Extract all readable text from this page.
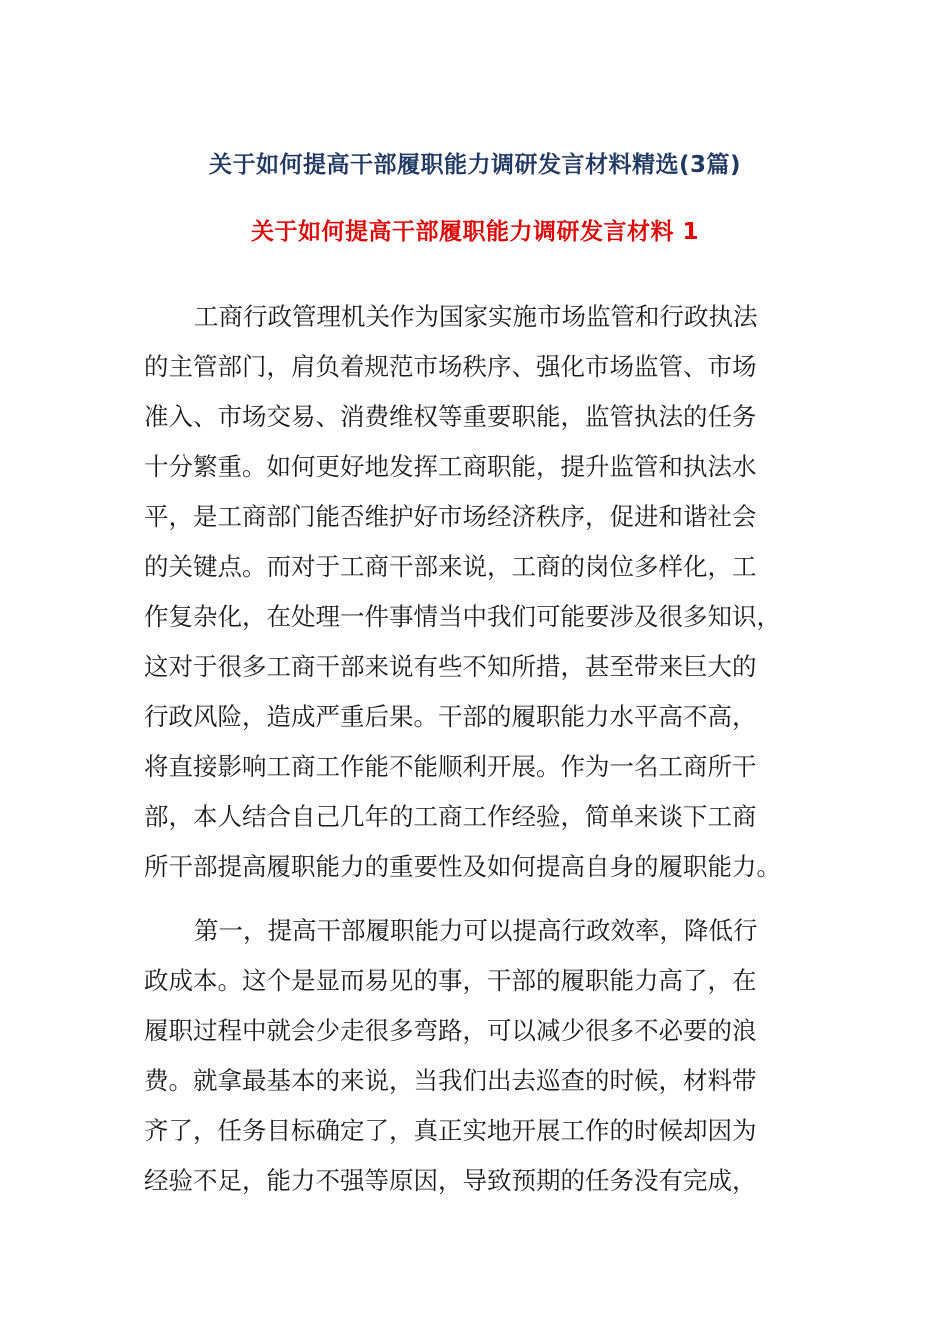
关于如何提高干部履职能力调研发言材料精选(3篇)
关于如何提高干部履职能力调研发言材料 1
工商行政管理机关作为国家实施市场监管和行政执法
的主管部门，肩负着规范市场秩序、强化市场监管、市场
准入、市场交易、消费维权等重要职能，监管执法的任务
十分繁重。如何更好地发挥工商职能，提升监管和执法水
平，是工商部门能否维护好市场经济秩序，促进和谐社会
的关键点。而对于工商干部来说，工商的岗位多样化，工
作复杂化，在处理一件事情当中我们可能要涉及很多知识，
这对于很多工商干部来说有些不知所措，甚至带来巨大的
行政风险，造成严重后果。干部的履职能力水平高不高，
将直接影响工商工作能不能顺利开展。作为一名工商所干
部，本人结合自己几年的工商工作经验，简单来谈下工商
所干部提高履职能力的重要性及如何提高自身的履职能力。
第一，提高干部履职能力可以提高行政效率，降低行
政成本。这个是显而易见的事，干部的履职能力高了，在
履职过程中就会少走很多弯路，可以减少很多不必要的浪
费。就拿最基本的来说，当我们出去巡查的时候，材料带
齐了，任务目标确定了，真正实地开展工作的时候却因为
经验不足，能力不强等原因，导致预期的任务没有完成，
